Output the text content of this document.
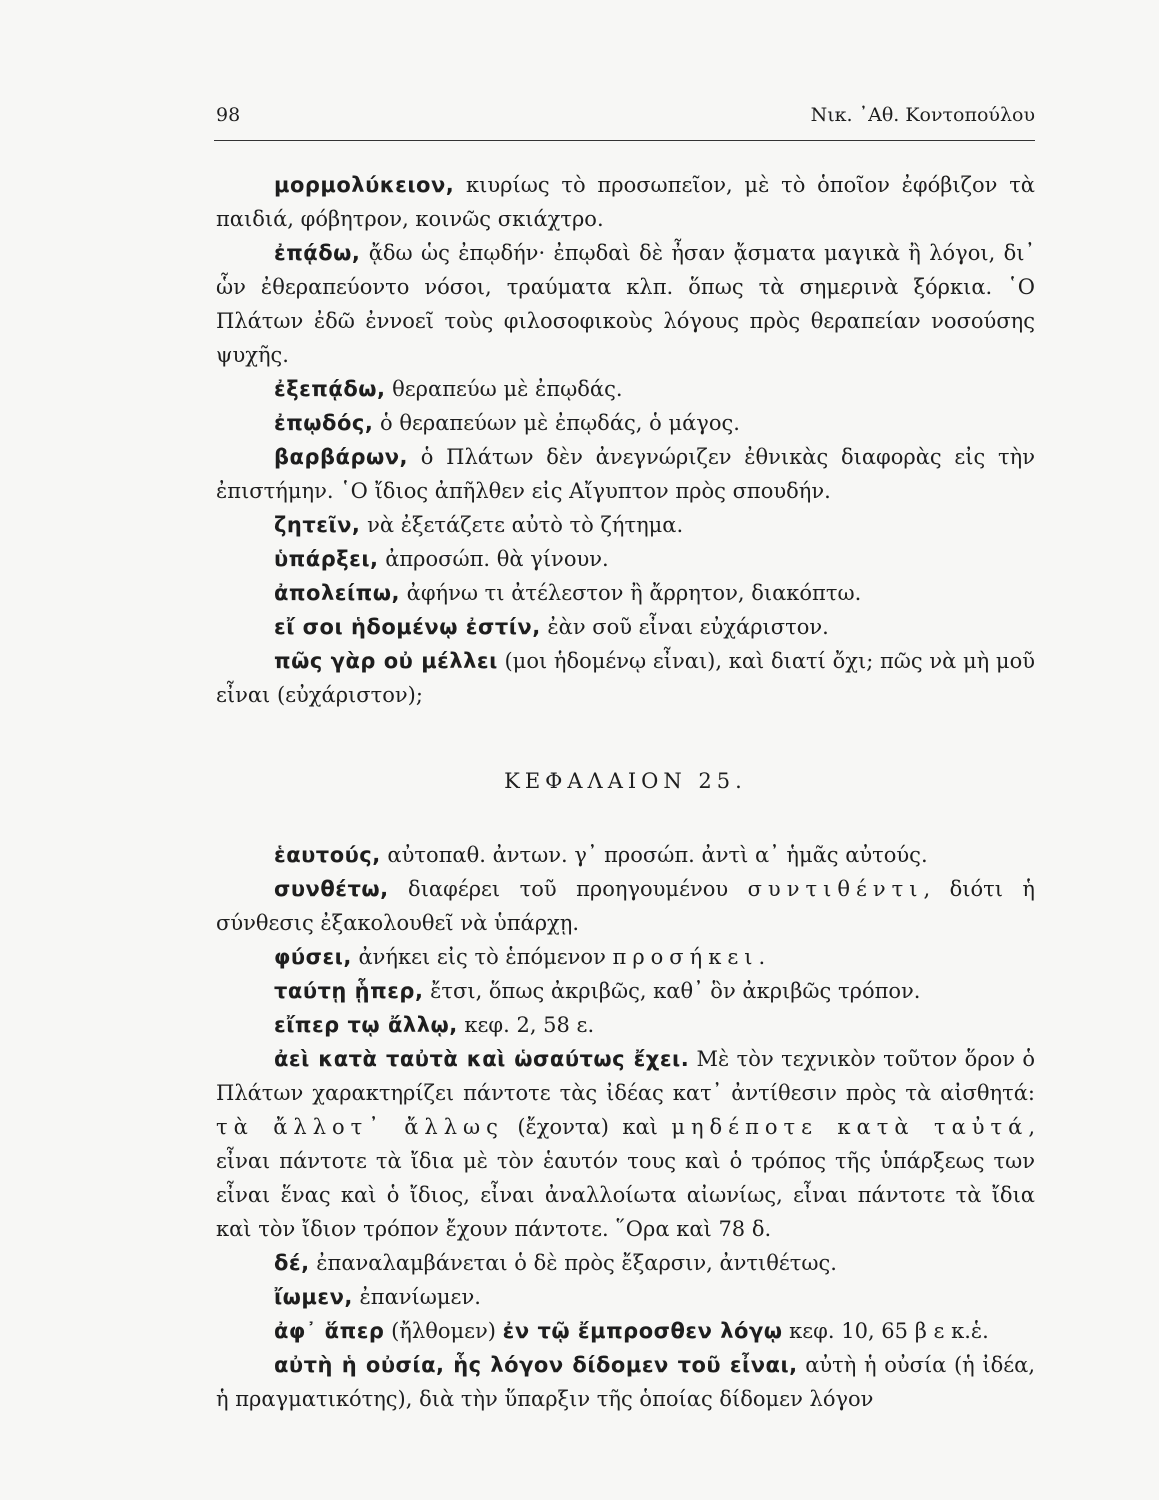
98	Νικ. ᾿Αθ. Κοντοπούλου

μορμολύκειον, κιυρίως τὸ προσωπεῖον, μὲ τὸ ὁποῖον ἐφόβιζον τὰ παιδιά, φόβητρον, κοινῶς σκιάχτρο.

ἐπᾴδω, ᾄδω ὡς ἐπῳδήν· ἐπῳδαὶ δὲ ἦσαν ᾄσματα μαγικὰ ἢ λόγοι, δι᾿ ὧν ἐθεραπεύοντο νόσοι, τραύματα κλπ. ὅπως τὰ σημερινὰ ξόρκια. ῾Ο Πλάτων ἐδῶ ἐννοεῖ τοὺς φιλοσοφικοὺς λόγους πρὸς θεραπείαν νοσούσης ψυχῆς.

ἐξεπᾴδω, θεραπεύω μὲ ἐπῳδάς.

ἐπῳδός, ὁ θεραπεύων μὲ ἐπῳδάς, ὁ μάγος.

βαρβάρων, ὁ Πλάτων δὲν ἀνεγνώριζεν ἐθνικὰς διαφορὰς εἰς τὴν ἐπιστήμην. ῾Ο ἴδιος ἀπῆλθεν εἰς Αἴγυπτον πρὸς σπουδήν.

ζητεῖν, νὰ ἐξετάζετε αὐτὸ τὸ ζήτημα.

ὑπάρξει, ἀπροσώπ. θὰ γίνουν.

ἀπολείπω, ἀφήνω τι ἀτέλεστον ἢ ἄρρητον, διακόπτω.

εἴ σοι ἡδομένῳ ἐστίν, ἐὰν σοῦ εἶναι εὐχάριστον.

πῶς γὰρ οὐ μέλλει (μοι ἡδομένῳ εἶναι), καὶ διατί ὄχι; πῶς νὰ μὴ μοῦ εἶναι (εὐχάριστον);

ΚΕΦΑΛΑΙΟΝ 25.

ἑαυτούς, αὐτοπαθ. ἀντων. γ᾿ προσώπ. ἀντὶ α᾿ ἡμᾶς αὐτούς.

συνθέτω, διαφέρει τοῦ προηγουμένου συντιθέντι, διότι ἡ σύνθεσις ἐξακολουθεῖ νὰ ὑπάρχῃ.

φύσει, ἀνήκει εἰς τὸ ἑπόμενον προσήκει.

ταύτῃ ᾗπερ, ἔτσι, ὅπως ἀκριβῶς, καθ᾿ ὃν ἀκριβῶς τρόπον.

εἴπερ τῳ ἄλλῳ, κεφ. 2, 58 ε.

ἀεὶ κατὰ ταὐτὰ καὶ ὡσαύτως ἔχει. Μὲ τὸν τεχνικὸν τοῦτον ὅρον ὁ Πλάτων χαρακτηρίζει πάντοτε τὰς ἰδέας κατ᾿ ἀντίθεσιν πρὸς τὰ αἰσθητά: τὰ ἄλλοτ᾿ ἄλλως (ἔχοντα) καὶ μηδέποτε κατὰ ταὐτά, εἶναι πάντοτε τὰ ἴδια μὲ τὸν ἑαυτόν τους καὶ ὁ τρόπος τῆς ὑπάρξεως των εἶναι ἕνας καὶ ὁ ἴδιος, εἶναι ἀναλλοίωτα αἰωνίως, εἶναι πάντοτε τὰ ἴδια καὶ τὸν ἴδιον τρόπον ἔχουν πάντοτε. ῞Ορα καὶ 78 δ.

δέ, ἐπαναλαμβάνεται ὁ δὲ πρὸς ἔξαρσιν, ἀντιθέτως.

ἴωμεν, ἐπανίωμεν.

ἀφ᾿ ἅπερ (ἤλθομεν) ἐν τῷ ἔμπροσθεν λόγῳ κεφ. 10, 65 β ε κ.ἑ.

αὐτὴ ἡ οὐσία, ἧς λόγον δίδομεν τοῦ εἶναι, αὐτὴ ἡ οὐσία (ἡ ἰδέα, ἡ πραγματικότης), διὰ τὴν ὕπαρξιν τῆς ὁποίας δίδομεν λόγον
